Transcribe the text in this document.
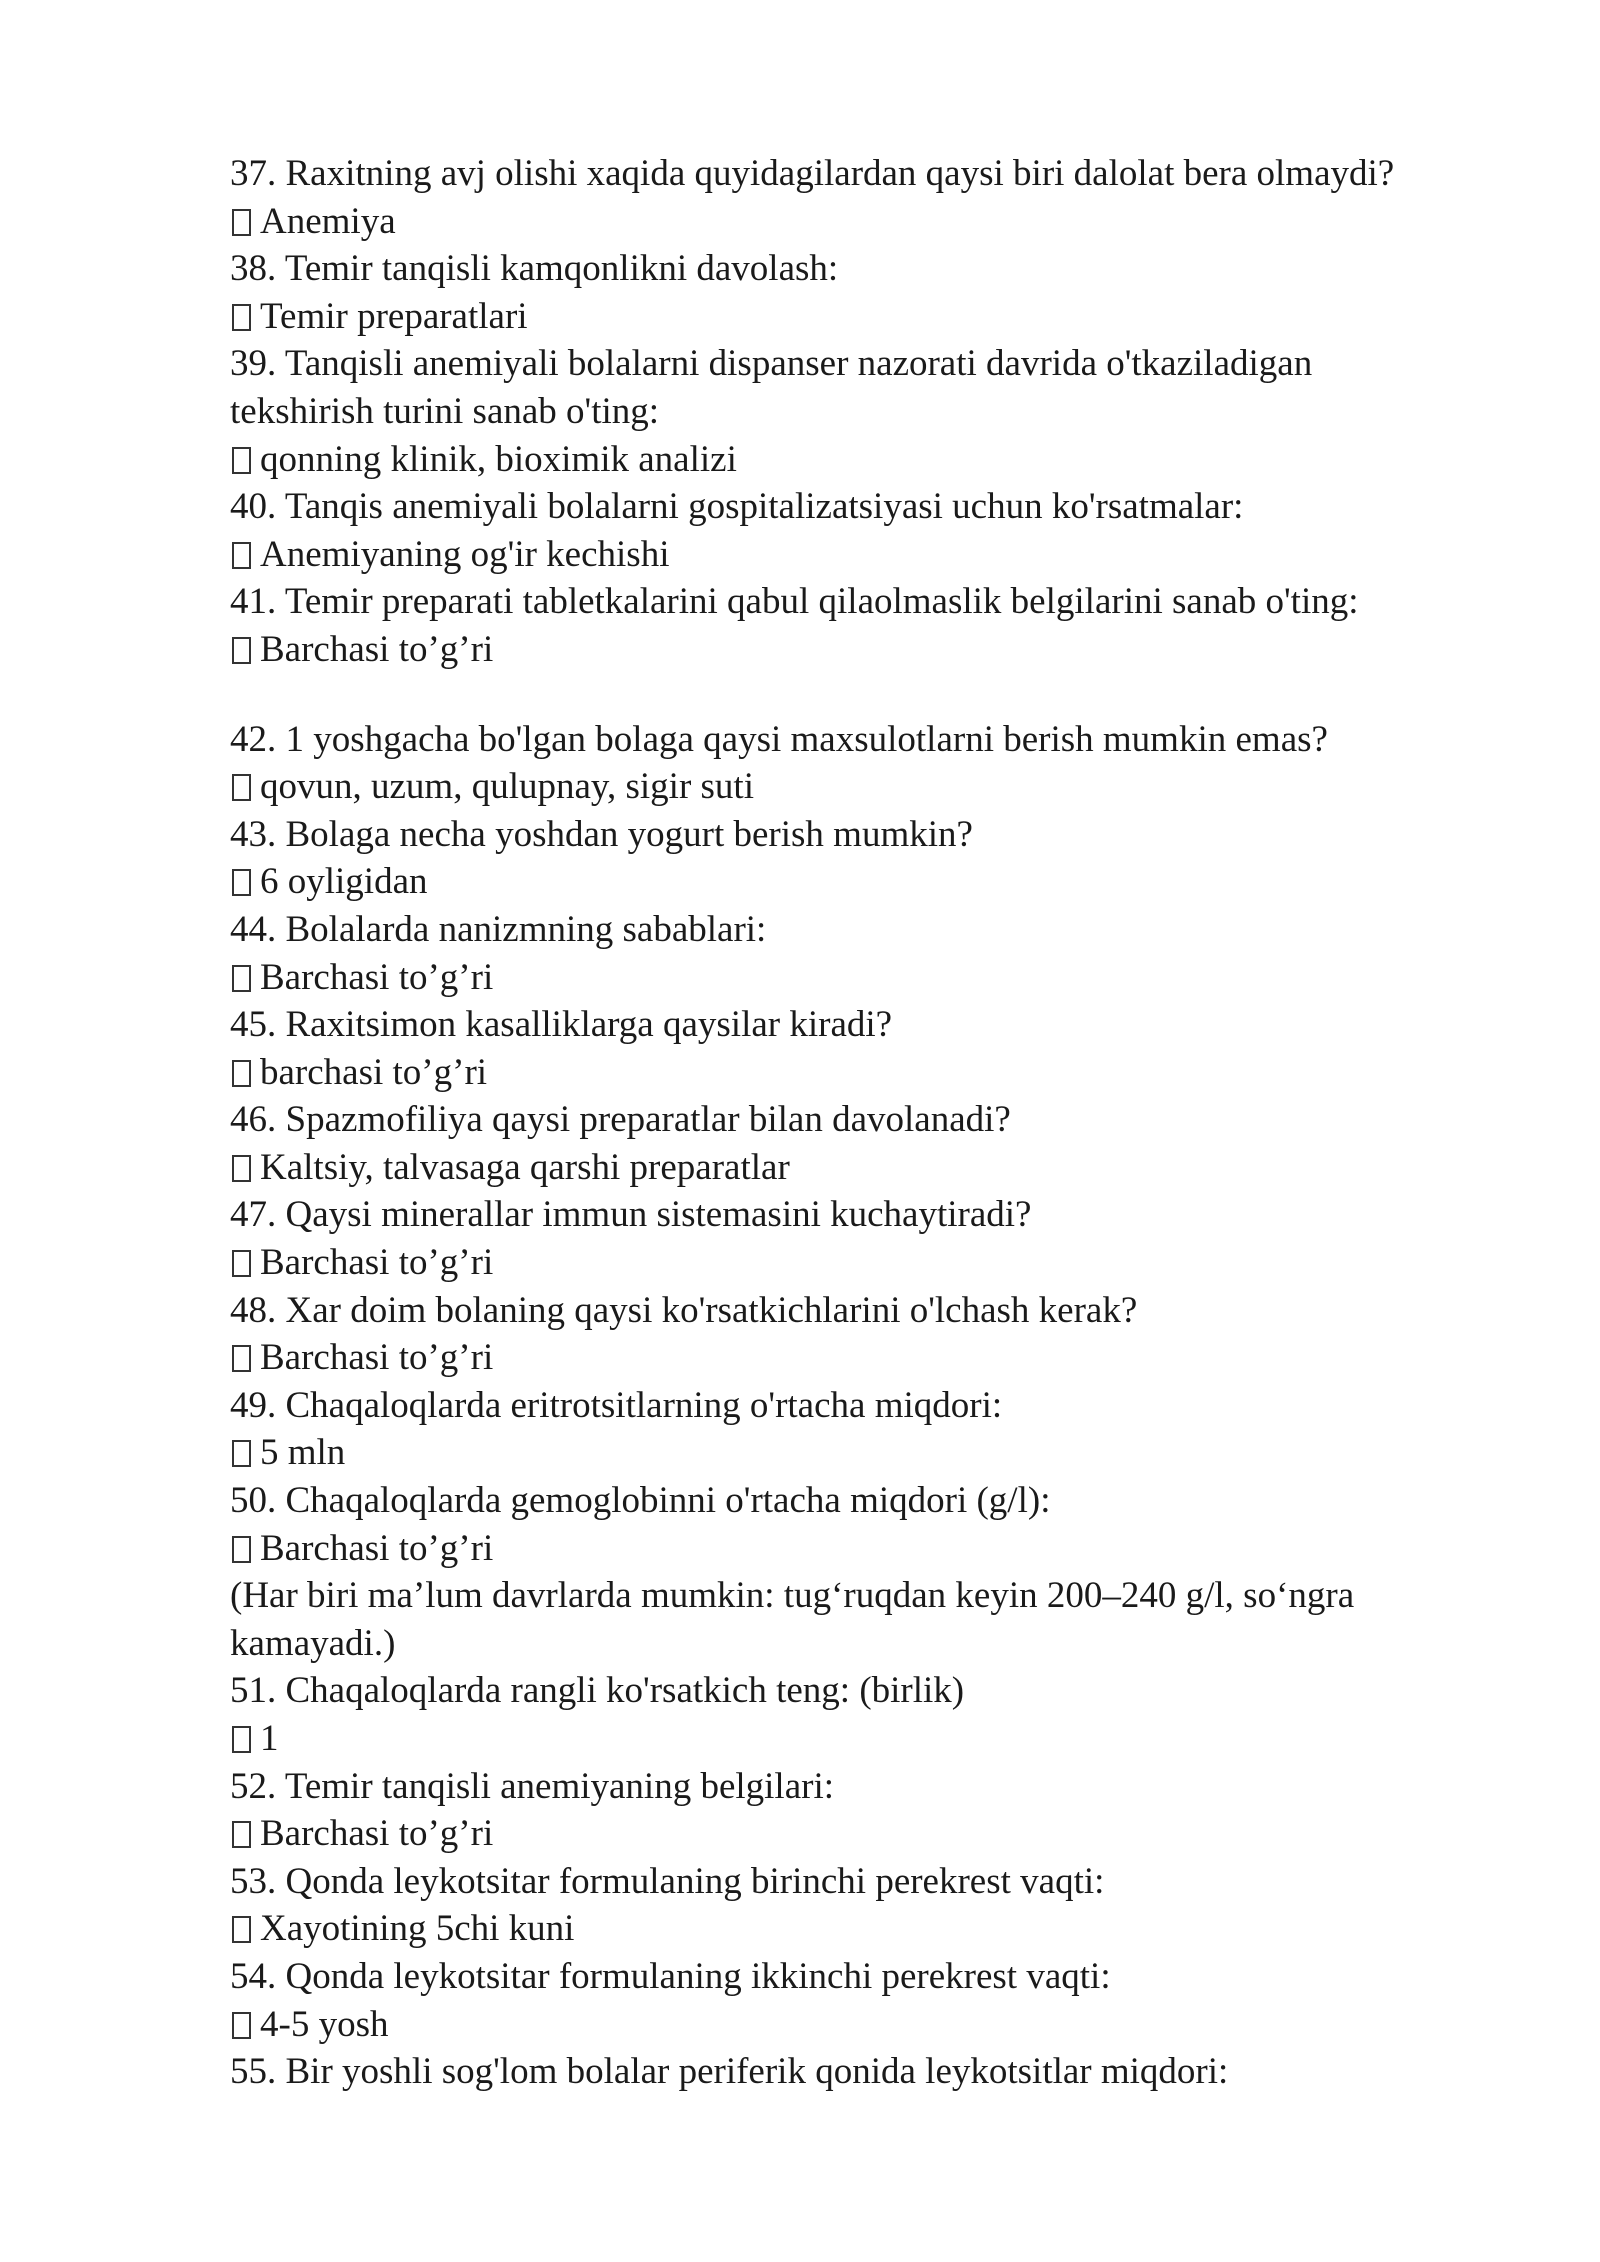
37. Raxitning avj olishi xaqida quyidagilardan qaysi biri dalolat bera olmaydi?

Anemiya

38. Temir tanqisli kamqonlikni davolash:

Temir preparatlari

39. Tanqisli anemiyali bolalarni dispanser nazorati davrida o'tkaziladigan tekshirish turini sanab o'ting:

qonning klinik, bioximik analizi

40. Tanqis anemiyali bolalarni gospitalizatsiyasi uchun ko'rsatmalar:

Anemiyaning og'ir kechishi

41. Temir preparati tabletkalarini qabul qilaolmaslik belgilarini sanab o'ting:

Barchasi to’g’ri

42. 1 yoshgacha bo'lgan bolaga qaysi maxsulotlarni berish mumkin emas?

qovun, uzum, qulupnay, sigir suti

43. Bolaga necha yoshdan yogurt berish mumkin?

6 oyligidan

44. Bolalarda nanizmning sabablari:

Barchasi to’g’ri

45. Raxitsimon kasalliklarga qaysilar kiradi?

barchasi to’g’ri

46. Spazmofiliya qaysi preparatlar bilan davolanadi?

Kaltsiy, talvasaga qarshi preparatlar

47. Qaysi minerallar immun sistemasini kuchaytiradi?

Barchasi to’g’ri

48. Xar doim bolaning qaysi ko'rsatkichlarini o'lchash kerak?

Barchasi to’g’ri

49. Chaqaloqlarda eritrotsitlarning o'rtacha miqdori:

5 mln

50. Chaqaloqlarda gemoglobinni o'rtacha miqdori (g/l):

Barchasi to’g’ri

(Har biri ma’lum davrlarda mumkin: tug‘ruqdan keyin 200–240 g/l, so‘ngra kamayadi.)

51. Chaqaloqlarda rangli ko'rsatkich teng: (birlik)

1

52. Temir tanqisli anemiyaning belgilari:

Barchasi to’g’ri

53. Qonda leykotsitar formulaning birinchi perekrest vaqti:

Xayotining 5chi kuni

54. Qonda leykotsitar formulaning ikkinchi perekrest vaqti:

4-5 yosh

55. Bir yoshli sog'lom bolalar periferik qonida leykotsitlar miqdori:
